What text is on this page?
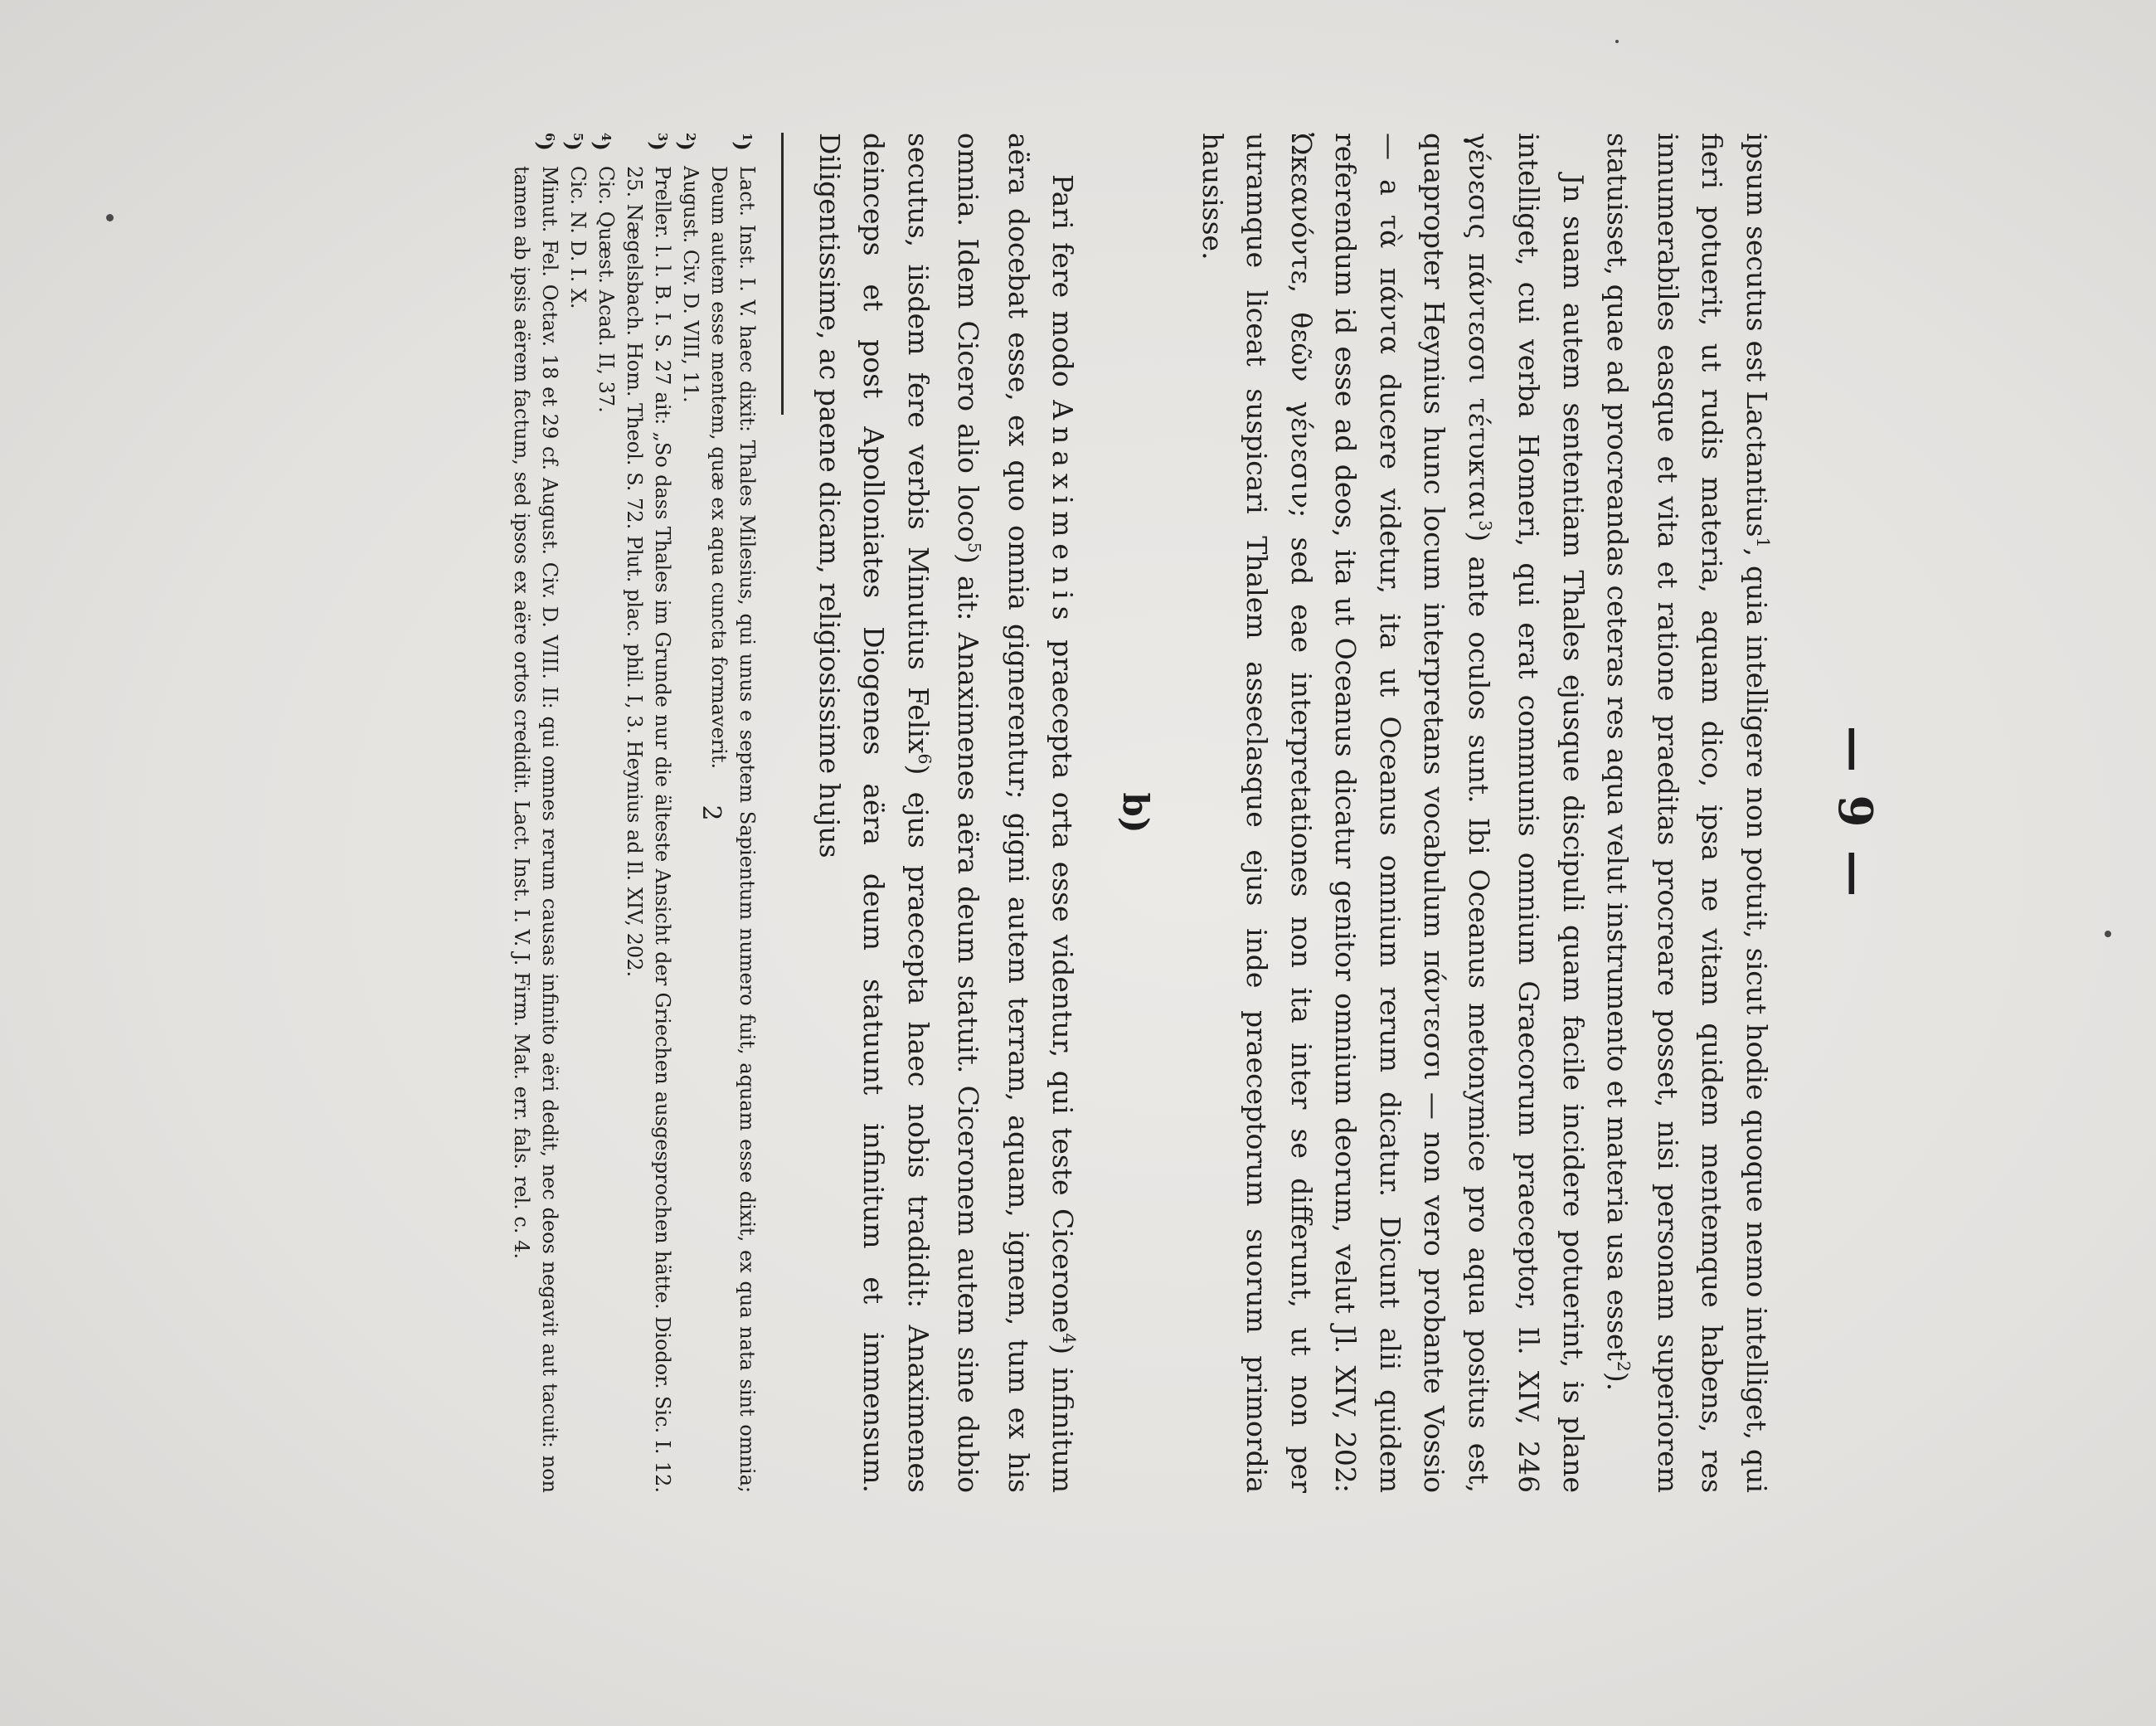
— 9 —

ipsum secutus est Lactantius$^1$, quia intelligere non potuit, sicut hodie quoque nemo intelliget, qui fieri potuerit, ut rudis materia, aquam dico, ipsa ne vitam quidem mentemque habens, res innumerabiles easque et vita et ratione praeditas procreare posset, nisi personam superiorem statuisset, quae ad procreandas ceteras res aqua velut instrumento et materia usa esset$^2$).

Jn suam autem sententiam Thales ejusque discipuli quam facile incidere potuerint, is plane intelliget, cui verba Homeri, qui erat communis omnium Graecorum praeceptor, Il. XIV, 246 γένεσις πάντεσσι τέτυκται$^3$) ante oculos sunt. Ibi Oceanus metonymice pro aqua positus est, quapropter Heynius hunc locum interpretans vocabulum πάντεσσι — non vero probante Vossio — a τὰ πάντα ducere videtur, ita ut Oceanus omnium rerum dicatur. Dicunt alii quidem referendum id esse ad deos, ita ut Oceanus dicatur genitor omnium deorum, velut Jl. XIV, 202: Ὠκεανόντε, θεῶν γένεσιν; sed eae interpretationes non ita inter se differunt, ut non per utramque liceat suspicari Thalem asseclasque ejus inde praeceptorum suorum primordia hausisse.

b)

Pari fere modo Anaximenis praecepta orta esse videntur, qui teste Cicerone$^4$) infinitum aëra docebat esse, ex quo omnia gignerentur; gigni autem terram, aquam, ignem, tum ex his omnia. Idem Cicero alio loco$^5$) ait: Anaximenes aëra deum statuit. Ciceronem autem sine dubio secutus, iisdem fere verbis Minutius Felix$^6$) ejus praecepta haec nobis tradidit: Anaximenes deinceps et post Apolloniates Diogenes aëra deum statuunt infinitum et immensum. Diligentissime, ac paene dicam, religiosissime hujus

$^1$)
Lact. Inst. I. V. haec dixit: Thales Milesius, qui unus e septem Sapientum numero fuit, aquam esse dixit, ex qua nata sint omnia; Deum autem esse mentem, quæ ex aqua cuncta formaverit.
$^2$)
August. Civ. D. VIII, 11.
$^3$)
Preller. l. l. B. I. S. 27 ait: „So dass Thales im Grunde nur die älteste Ansicht der Griechen ausgesprochen hätte. Diodor. Sic. I. 12. 25. Nægelsbach. Hom. Theol. S. 72. Plut. plac. phil. I, 3. Heynius ad Il. XIV, 202.
$^4$)
Cic. Quæst. Acad. II, 37.
$^5$)
Cic. N. D. I. X.
$^6$)
Minut. Fel. Octav. 18 et 29 cf. August. Civ. D. VIII. II: qui omnes rerum causas infinito aëri dedit, nec deos negavit aut tacuit: non tamen ab ipsis aërem factum, sed ipsos ex aëre ortos credidit. Lact. Inst. I. V. J. Firm. Mat. err. fals. rel. c. 4.	2
